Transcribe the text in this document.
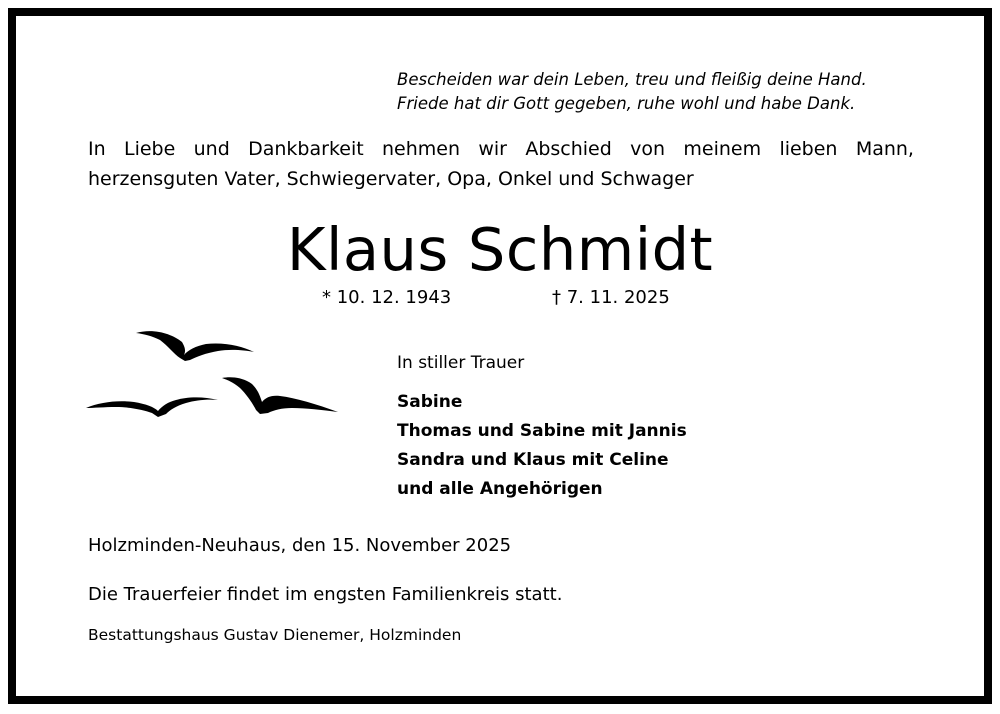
Bescheiden war dein Leben, treu und fleißig deine Hand.
Friede hat dir Gott gegeben, ruhe wohl und habe Dank.
In Liebe und Dankbarkeit nehmen wir Abschied von meinem lieben Mann,
herzensguten Vater, Schwiegervater, Opa, Onkel und Schwager
Klaus Schmidt
* 10. 12. 1943	† 7. 11. 2025
In stiller Trauer
Sabine
Thomas und Sabine mit Jannis
Sandra und Klaus mit Celine
und alle Angehörigen
Holzminden-Neuhaus, den 15. November 2025
Die Trauerfeier findet im engsten Familienkreis statt.
Bestattungshaus Gustav Dienemer, Holzminden
